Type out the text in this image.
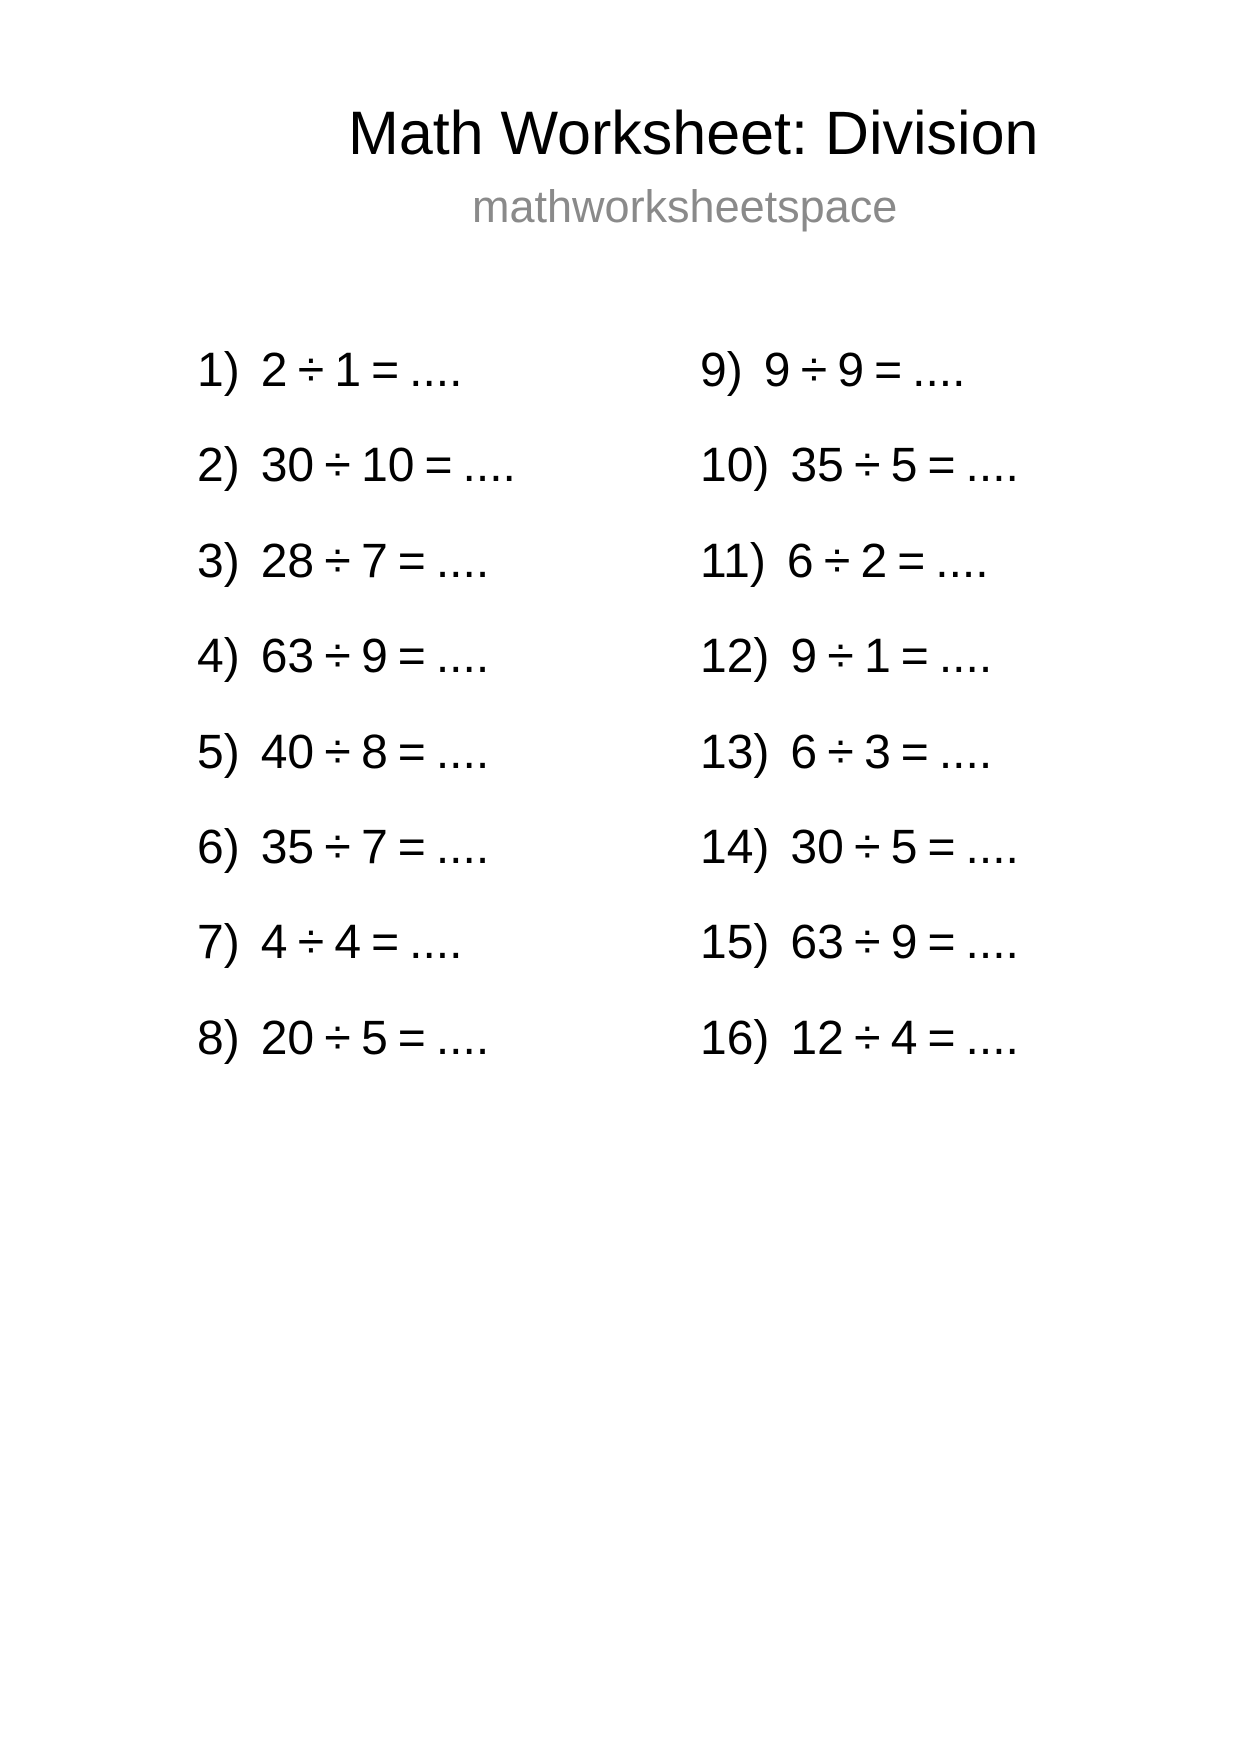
Math Worksheet: Division
mathworksheetspace
1) 2 ÷ 1 = ....
2) 30 ÷ 10 = ....
3) 28 ÷ 7 = ....
4) 63 ÷ 9 = ....
5) 40 ÷ 8 = ....
6) 35 ÷ 7 = ....
7) 4 ÷ 4 = ....
8) 20 ÷ 5 = ....
9) 9 ÷ 9 = ....
10) 35 ÷ 5 = ....
11) 6 ÷ 2 = ....
12) 9 ÷ 1 = ....
13) 6 ÷ 3 = ....
14) 30 ÷ 5 = ....
15) 63 ÷ 9 = ....
16) 12 ÷ 4 = ....
